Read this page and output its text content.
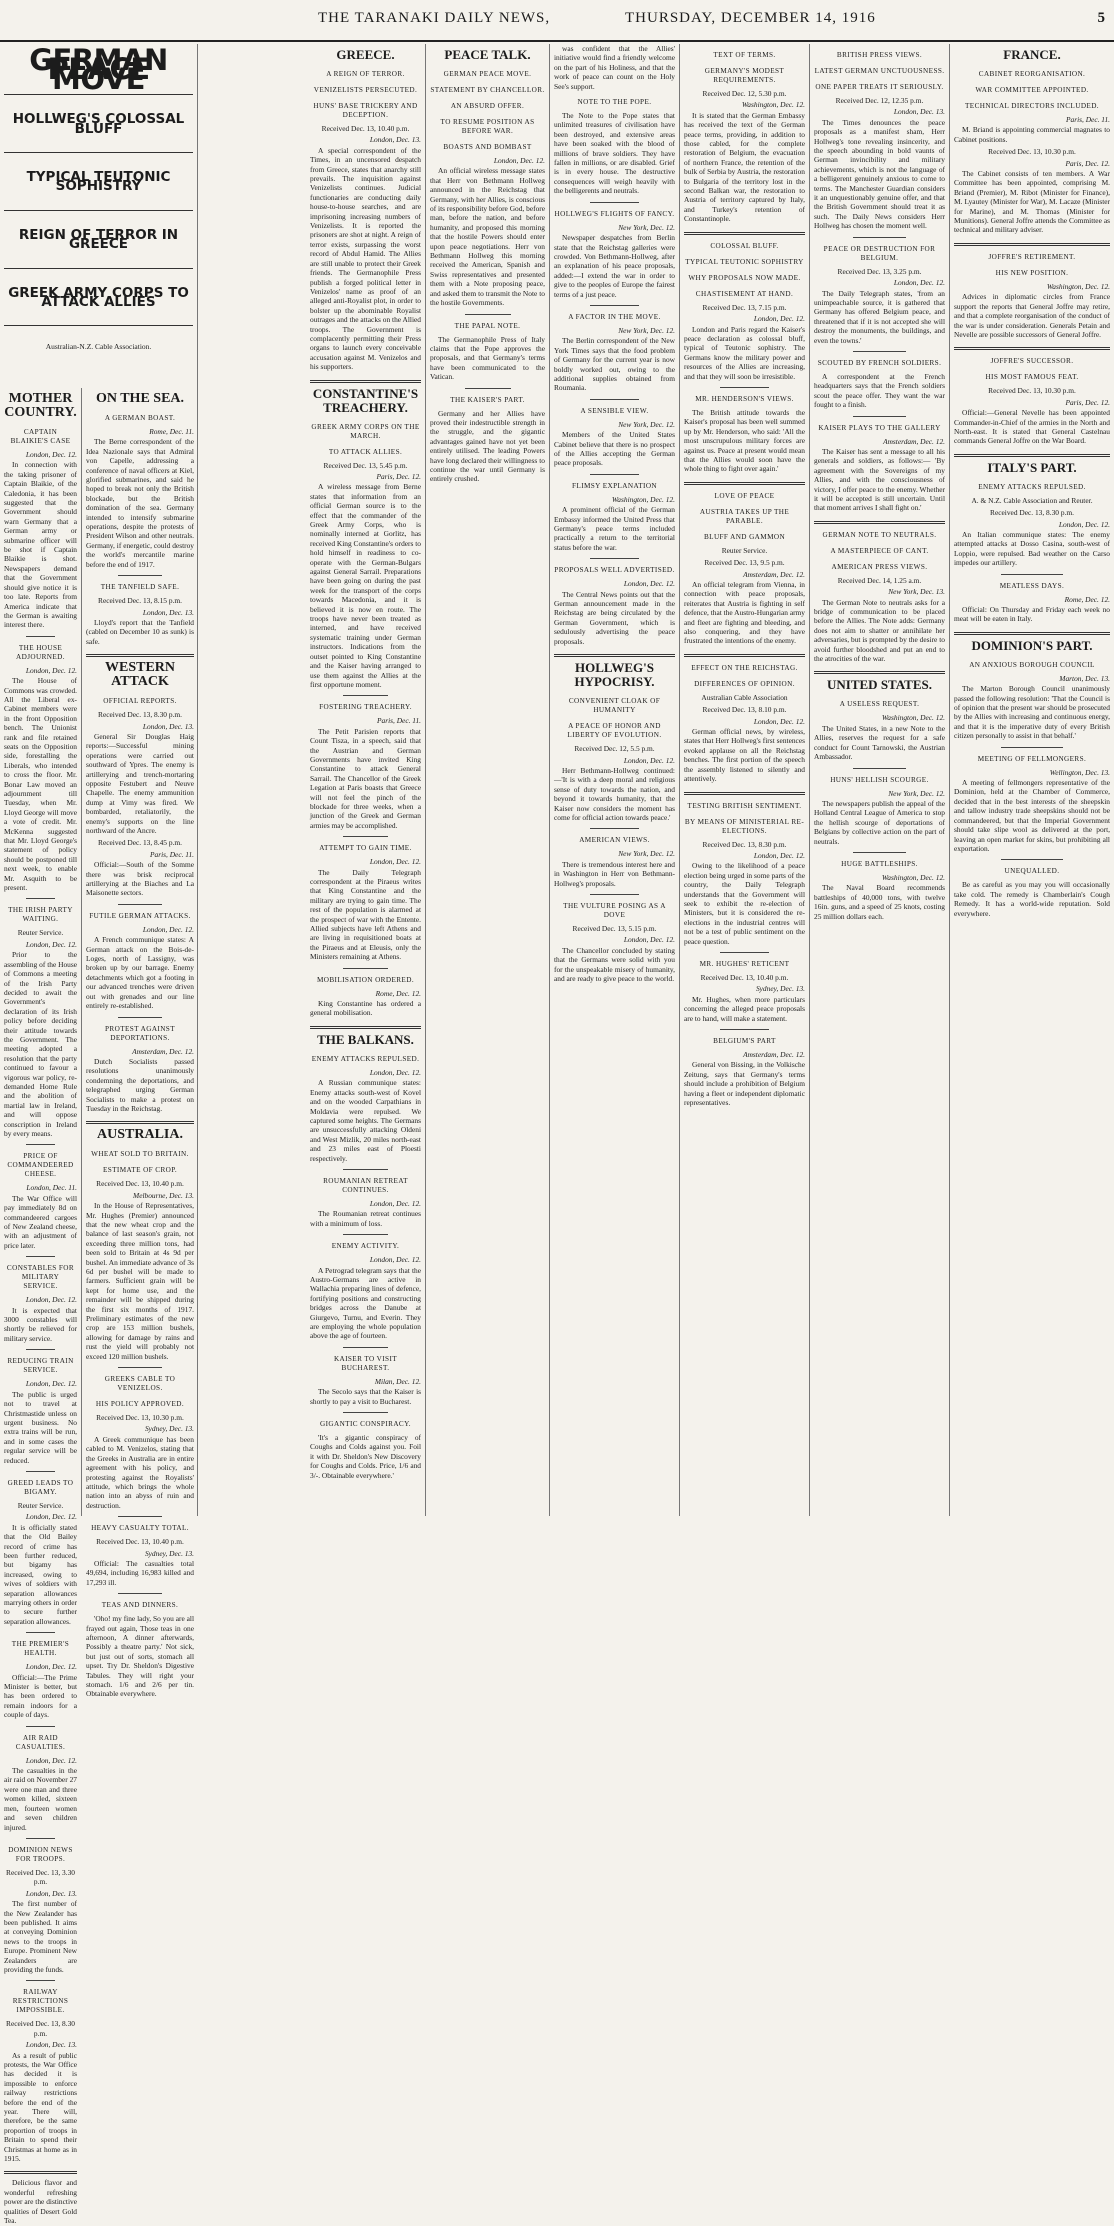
THE TARANAKI DAILY NEWS,	THURSDAY, DECEMBER 14, 1916	5
GERMAN PEACE MOVE

HOLLWEG'S COLOSSAL BLUFF

TYPICAL TEUTONIC SOPHISTRY

REIGN OF TERROR IN GREECE

GREEK ARMY CORPS TO ATTACK ALLIES

Australian-N.Z. Cable Association.
MOTHER COUNTRY.
CAPTAIN BLAIKIE'S CASE
London, Dec. 12.

In connection with the taking prisoner of Captain Blaikie, of the Caledonia, it has been suggested that the Government should warn Germany that a German army or submarine officer will be shot if Captain Blaikie is shot. Newspapers demand that the Government should give notice it is too late. Reports from America indicate that the German is awaiting interest there.

THE HOUSE ADJOURNED.
London, Dec. 12.

The House of Commons was crowded. All the Liberal ex-Cabinet members were in the front Opposition bench. The Unionist rank and file retained seats on the Opposition side, forestalling the Liberals, who intended to cross the floor. Mr. Bonar Law moved an adjournment till Tuesday, when Mr. Lloyd George will move a vote of credit. Mr. McKenna suggested that Mr. Lloyd George's statement of policy should be postponed till next week, to enable Mr. Asquith to be present.

THE IRISH PARTY WAITING.
Reuter Service.
London, Dec. 12.

Prior to the assembling of the House of Commons a meeting of the Irish Party decided to await the Government's declaration of its Irish policy before deciding their attitude towards the Government. The meeting adopted a resolution that the party continued to favour a vigorous war policy, re-demanded Home Rule and the abolition of martial law in Ireland, and will oppose conscription in Ireland by every means.

PRICE OF COMMANDEERED CHEESE.
London, Dec. 11.

The War Office will pay immediately 8d on commandeered cargoes of New Zealand cheese, with an adjustment of price later.

CONSTABLES FOR MILITARY SERVICE.
London, Dec. 12.

It is expected that 3000 constables will shortly be relieved for military service.

REDUCING TRAIN SERVICE.
London, Dec. 12.

The public is urged not to travel at Christmastide unless on urgent business. No extra trains will be run, and in some cases the regular service will be reduced.

GREED LEADS TO BIGAMY.
Reuter Service.
London, Dec. 12.

It is officially stated that the Old Bailey record of crime has been further reduced, but bigamy has increased, owing to wives of soldiers with separation allowances marrying others in order to secure further separation allowances.

THE PREMIER'S HEALTH.
London, Dec. 12.

Official:—The Prime Minister is better, but has been ordered to remain indoors for a couple of days.

AIR RAID CASUALTIES.
London, Dec. 12.

The casualties in the air raid on November 27 were one man and three women killed, sixteen men, fourteen women and seven children injured.

DOMINION NEWS FOR TROOPS.
Received Dec. 13, 3.30 p.m.
London, Dec. 13.

The first number of the New Zealander has been published. It aims at conveying Dominion news to the troops in Europe. Prominent New Zealanders are providing the funds.

RAILWAY RESTRICTIONS IMPOSSIBLE.
Received Dec. 13, 8.30 p.m.
London, Dec. 13.

As a result of public protests, the War Office has decided it is impossible to enforce railway restrictions before the end of the year. There will, therefore, be the same proportion of troops in Britain to spend their Christmas at home as in 1915.

Delicious flavor and wonderful refreshing power are the distinctive qualities of Desert Gold Tea.

ON THE SEA.
A GERMAN BOAST.
Rome, Dec. 11.

The Berne correspondent of the Idea Nazionale says that Admiral von Capelle, addressing a conference of naval officers at Kiel, glorified submarines, and said he hoped to break not only the British blockade, but the British domination of the sea. Germany intended to intensify submarine operations, despite the protests of President Wilson and other neutrals. Germany, if energetic, could destroy the world's mercantile marine before the end of 1917.

THE TANFIELD SAFE.
Received Dec. 13, 8.15 p.m.
London, Dec. 13.

Lloyd's report that the Tanfield (cabled on December 10 as sunk) is safe.

WESTERN ATTACK
OFFICIAL REPORTS.
Received Dec. 13, 8.30 p.m.
London, Dec. 13.

General Sir Douglas Haig reports:—Successful mining operations were carried out southward of Ypres. The enemy is artillerying and trench-mortaring opposite Festubert and Neuve Chapelle. The enemy ammunition dump at Vimy was fired. We bombarded, retaliatorily, the enemy's supports on the line northward of the Ancre.

Received Dec. 13, 8.45 p.m.
Paris, Dec. 11.

Official:—South of the Somme there was brisk reciprocal artillerying at the Biaches and La Maisonette sectors.

FUTILE GERMAN ATTACKS.
London, Dec. 12.

A French communique states: A German attack on the Bois-de-Loges, north of Lassigny, was broken up by our barrage. Enemy detachments which got a footing in our advanced trenches were driven out with grenades and our line entirely re-established.

PROTEST AGAINST DEPORTATIONS.
Amsterdam, Dec. 12.

Dutch Socialists passed resolutions unanimously condemning the deportations, and telegraphed urging German Socialists to make a protest on Tuesday in the Reichstag.

AUSTRALIA.
WHEAT SOLD TO BRITAIN.
ESTIMATE OF CROP.
Received Dec. 13, 10.40 p.m.
Melbourne, Dec. 13.

In the House of Representatives, Mr. Hughes (Premier) announced that the new wheat crop and the balance of last season's grain, not exceeding three million tons, had been sold to Britain at 4s 9d per bushel. An immediate advance of 3s 6d per bushel will be made to farmers. Sufficient grain will be kept for home use, and the remainder will be shipped during the first six months of 1917. Preliminary estimates of the new crop are 153 million bushels, allowing for damage by rains and rust the yield will probably not exceed 120 million bushels.

GREEKS CABLE TO VENIZELOS.
HIS POLICY APPROVED.
Received Dec. 13, 10.30 p.m.
Sydney, Dec. 13.

A Greek communique has been cabled to M. Venizelos, stating that the Greeks in Australia are in entire agreement with his policy, and protesting against the Royalists' attitude, which brings the whole nation into an abyss of ruin and destruction.

HEAVY CASUALTY TOTAL.
Received Dec. 13, 10.40 p.m.
Sydney, Dec. 13.

Official: The casualties total 49,694, including 16,983 killed and 17,293 ill.

TEAS AND DINNERS.

'Oho! my fine lady, So you are all frayed out again, Those teas in one afternoon, A dinner afterwards, Possibly a theatre party.' Not sick, but just out of sorts, stomach all upset. Try Dr. Sheldon's Digestive Tabules. They will right your stomach. 1/6 and 2/6 per tin. Obtainable everywhere.

GREECE.
A REIGN OF TERROR.
VENIZELISTS PERSECUTED.
HUNS' BASE TRICKERY AND DECEPTION.
Received Dec. 13, 10.40 p.m.
London, Dec. 13.

A special correspondent of the Times, in an uncensored despatch from Greece, states that anarchy still prevails. The inquisition against Venizelists continues. Judicial functionaries are conducting daily house-to-house searches, and are imprisoning increasing numbers of Venizelists. It is reported the prisoners are shot at night. A reign of terror exists, surpassing the worst record of Abdul Hamid. The Allies are still unable to protect their Greek friends. The Germanophile Press publish a forged political letter in Venizelos' name as proof of an alleged anti-Royalist plot, in order to bolster up the abominable Royalist outrages and the attacks on the Allied troops. The Government is complacently permitting their Press organs to launch every conceivable accusation against M. Venizelos and his supporters.

CONSTANTINE'S TREACHERY.
GREEK ARMY CORPS ON THE MARCH.
TO ATTACK ALLIES.
Received Dec. 13, 5.45 p.m.
Paris, Dec. 12.

A wireless message from Berne states that information from an official German source is to the effect that the commander of the Greek Army Corps, who is nominally interned at Gorlitz, has received King Constantine's orders to hold himself in readiness to co-operate with the German-Bulgars against General Sarrail. Preparations have been going on during the past week for the transport of the corps towards Macedonia, and it is believed it is now en route. The troops have never been treated as interned, and have received systematic training under German instructors. Indications from the outset pointed to King Constantine and the Kaiser having arranged to use them against the Allies at the first opportune moment.

FOSTERING TREACHERY.
Paris, Dec. 11.

The Petit Parisien reports that Count Tisza, in a speech, said that the Austrian and German Governments have invited King Constantine to attack General Sarrail. The Chancellor of the Greek Legation at Paris boasts that Greece will not feel the pinch of the blockade for three weeks, when a junction of the Greek and German armies may be accomplished.

ATTEMPT TO GAIN TIME.
London, Dec. 12.

The Daily Telegraph correspondent at the Piraeus writes that King Constantine and the military are trying to gain time. The rest of the population is alarmed at the prospect of war with the Entente. Allied subjects have left Athens and are living in requisitioned boats at the Piraeus and at Eleusis, only the Ministers remaining at Athens.

MOBILISATION ORDERED.
Rome, Dec. 12.

King Constantine has ordered a general mobilisation.

THE BALKANS.
ENEMY ATTACKS REPULSED.
London, Dec. 12.

A Russian communique states: Enemy attacks south-west of Kovel and on the wooded Carpathians in Moldavia were repulsed. We captured some heights. The Germans are unsuccessfully attacking Oldeni and West Mizlik, 20 miles north-east and 23 miles east of Ploesti respectively.

ROUMANIAN RETREAT CONTINUES.
London, Dec. 12.

The Roumanian retreat continues with a minimum of loss.

ENEMY ACTIVITY.
London, Dec. 12.

A Petrograd telegram says that the Austro-Germans are active in Wallachia preparing lines of defence, fortifying positions and constructing bridges across the Danube at Giurgevo, Turnu, and Everin. They are employing the whole population above the age of fourteen.

KAISER TO VISIT BUCHAREST.
Milan, Dec. 12.

The Secolo says that the Kaiser is shortly to pay a visit to Bucharest.

GIGANTIC CONSPIRACY.

'It's a gigantic conspiracy of Coughs and Colds against you. Foil it with Dr. Sheldon's New Discovery for Coughs and Colds. Price, 1/6 and 3/-. Obtainable everywhere.'

PEACE TALK.
GERMAN PEACE MOVE.
STATEMENT BY CHANCELLOR.
AN ABSURD OFFER.
TO RESUME POSITION AS BEFORE WAR.
BOASTS AND BOMBAST
London, Dec. 12.

An official wireless message states that Herr von Bethmann Hollweg announced in the Reichstag that Germany, with her Allies, is conscious of its responsibility before God, before man, before the nation, and before humanity, and proposed this morning that the hostile Powers should enter upon peace negotiations. Herr von Bethmann Hollweg this morning received the American, Spanish and Swiss representatives and presented them with a Note proposing peace, and asked them to transmit the Note to the hostile Governments.

THE PAPAL NOTE.

The Germanophile Press of Italy claims that the Pope approves the proposals, and that Germany's terms have been communicated to the Vatican.

THE KAISER'S PART.

Germany and her Allies have proved their indestructible strength in the struggle, and the gigantic advantages gained have not yet been entirely utilised. The leading Powers have long declared their willingness to continue the war until Germany is entirely crushed.

was confident that the Allies' initiative would find a friendly welcome on the part of his Holiness, and that the work of peace can count on the Holy See's support.

NOTE TO THE POPE.

The Note to the Pope states that unlimited treasures of civilisation have been destroyed, and extensive areas have been soaked with the blood of millions of brave soldiers. They have fallen in millions, or are disabled. Grief is in every house. The destructive consequences will weigh heavily with the belligerents and neutrals.

HOLLWEG'S FLIGHTS OF FANCY.
New York, Dec. 12.

Newspaper despatches from Berlin state that the Reichstag galleries were crowded. Von Bethmann-Hollweg, after an explanation of his peace proposals, added:—I extend the war in order to give to the peoples of Europe the fairest terms of a just peace.

A FACTOR IN THE MOVE.
New York, Dec. 12.

The Berlin correspondent of the New York Times says that the food problem of Germany for the current year is now boldly worked out, owing to the additional supplies obtained from Roumania.

A SENSIBLE VIEW.
New York, Dec. 12.

Members of the United States Cabinet believe that there is no prospect of the Allies accepting the German peace proposals.

FLIMSY EXPLANATION
Washington, Dec. 12.

A prominent official of the German Embassy informed the United Press that Germany's peace terms included practically a return to the territorial status before the war.

PROPOSALS WELL ADVERTISED.
London, Dec. 12.

The Central News points out that the German announcement made in the Reichstag are being circulated by the German Government, which is sedulously advertising the peace proposals.

HOLLWEG'S HYPOCRISY.
CONVENIENT CLOAK OF HUMANITY
A PEACE OF HONOR AND LIBERTY OF EVOLUTION.
Received Dec. 12, 5.5 p.m.
London, Dec. 12.

Herr Bethmann-Hollweg continued:—'It is with a deep moral and religious sense of duty towards the nation, and beyond it towards humanity, that the Kaiser now considers the moment has come for official action towards peace.'

AMERICAN VIEWS.
New York, Dec. 12.

There is tremendous interest here and in Washington in Herr von Bethmann-Hollweg's proposals.

THE VULTURE POSING AS A DOVE
Received Dec. 13, 5.15 p.m.
London, Dec. 12.

The Chancellor concluded by stating that the Germans were solid with you for the unspeakable misery of humanity, and are ready to give peace to the world.

TEXT OF TERMS.
GERMANY'S MODEST REQUIREMENTS.
Received Dec. 12, 5.30 p.m.
Washington, Dec. 12.

It is stated that the German Embassy has received the text of the German peace terms, providing, in addition to those cabled, for the complete restoration of Belgium, the evacuation of northern France, the retention of the bulk of Serbia by Austria, the restoration to Bulgaria of the territory lost in the second Balkan war, the restoration to Austria of territory captured by Italy, and Turkey's retention of Constantinople.

COLOSSAL BLUFF.
TYPICAL TEUTONIC SOPHISTRY
WHY PROPOSALS NOW MADE.
CHASTISEMENT AT HAND.
Received Dec. 13, 7.15 p.m.
London, Dec. 12.

London and Paris regard the Kaiser's peace declaration as colossal bluff, typical of Teutonic sophistry. The Germans know the military power and resources of the Allies are increasing, and that they will soon be irresistible.

MR. HENDERSON'S VIEWS.

The British attitude towards the Kaiser's proposal has been well summed up by Mr. Henderson, who said: 'All the most unscrupulous military forces are against us. Peace at present would mean that the Allies would soon have the whole thing to fight over again.'

LOVE OF PEACE
AUSTRIA TAKES UP THE PARABLE.
BLUFF AND GAMMON
Reuter Service.
Received Dec. 13, 9.5 p.m.
Amsterdam, Dec. 12.

An official telegram from Vienna, in connection with peace proposals, reiterates that Austria is fighting in self defence, that the Austro-Hungarian army and fleet are fighting and bleeding, and also conquering, and they have frustrated the intentions of the enemy.

EFFECT ON THE REICHSTAG.
DIFFERENCES OF OPINION.
Australian Cable Association
Received Dec. 13, 8.10 p.m.
London, Dec. 12.

German official news, by wireless, states that Herr Hollweg's first sentences evoked applause on all the Reichstag benches. The first portion of the speech the assembly listened to silently and attentively.

TESTING BRITISH SENTIMENT.
BY MEANS OF MINISTERIAL RE-ELECTIONS.
Received Dec. 13, 8.30 p.m.
London, Dec. 12.

Owing to the likelihood of a peace election being urged in some parts of the country, the Daily Telegraph understands that the Government will seek to exhibit the re-election of Ministers, but it is considered the re-elections in the industrial centres will not be a test of public sentiment on the peace question.

MR. HUGHES' RETICENT
Received Dec. 13, 10.40 p.m.
Sydney, Dec. 13.

Mr. Hughes, when more particulars concerning the alleged peace proposals are to hand, will make a statement.

BELGIUM'S PART
Amsterdam, Dec. 12.

General von Bissing, in the Volkische Zeitung, says that Germany's terms should include a prohibition of Belgium having a fleet or independent diplomatic representatives.

BRITISH PRESS VIEWS.
LATEST GERMAN UNCTUOUSNESS.
ONE PAPER TREATS IT SERIOUSLY.
Received Dec. 12, 12.35 p.m.
London, Dec. 13.

The Times denounces the peace proposals as a manifest sham, Herr Hollweg's tone revealing insincerity, and the speech abounding in bold vaunts of German invincibility and military achievements, which is not the language of a belligerent genuinely anxious to come to terms. The Manchester Guardian considers it an unquestionably genuine offer, and that the British Government should treat it as such. The Daily News considers Herr Hollweg has chosen the moment well.

PEACE OR DESTRUCTION FOR BELGIUM.
Received Dec. 13, 3.25 p.m.
London, Dec. 12.

The Daily Telegraph states, 'from an unimpeachable source, it is gathered that Germany has offered Belgium peace, and threatened that if it is not accepted she will destroy the monuments, the buildings, and even the towns.'

SCOUTED BY FRENCH SOLDIERS.

A correspondent at the French headquarters says that the French soldiers scout the peace offer. They want the war fought to a finish.

KAISER PLAYS TO THE GALLERY
Amsterdam, Dec. 12.

The Kaiser has sent a message to all his generals and soldiers, as follows:— 'By agreement with the Sovereigns of my Allies, and with the consciousness of victory, I offer peace to the enemy. Whether it will be accepted is still uncertain. Until that moment arrives I shall fight on.'

GERMAN NOTE TO NEUTRALS.
A MASTERPIECE OF CANT.
AMERICAN PRESS VIEWS.
Received Dec. 14, 1.25 a.m.
New York, Dec. 13.

The German Note to neutrals asks for a bridge of communication to be placed before the Allies. The Note adds: Germany does not aim to shatter or annihilate her adversaries, but is prompted by the desire to avoid further bloodshed and put an end to the atrocities of the war.

UNITED STATES.
A USELESS REQUEST.
Washington, Dec. 12.

The United States, in a new Note to the Allies, reserves the request for a safe conduct for Count Tarnowski, the Austrian Ambassador.

HUNS' HELLISH SCOURGE.
New York, Dec. 12.

The newspapers publish the appeal of the Holland Central League of America to stop the hellish scourge of deportations of Belgians by collective action on the part of neutrals.

HUGE BATTLESHIPS.
Washington, Dec. 12.

The Naval Board recommends battleships of 40,000 tons, with twelve 16in. guns, and a speed of 25 knots, costing 25 million dollars each.

FRANCE.
CABINET REORGANISATION.
WAR COMMITTEE APPOINTED.
TECHNICAL DIRECTORS INCLUDED.
Paris, Dec. 11.

M. Briand is appointing commercial magnates to Cabinet positions.

Received Dec. 13, 10.30 p.m.
Paris, Dec. 12.

The Cabinet consists of ten members. A War Committee has been appointed, comprising M. Briand (Premier), M. Ribot (Minister for Finance), M. Lyautey (Minister for War), M. Lacaze (Minister for Marine), and M. Thomas (Minister for Munitions). General Joffre attends the Committee as technical and military adviser.

JOFFRE'S RETIREMENT.
HIS NEW POSITION.
Washington, Dec. 12.

Advices in diplomatic circles from France support the reports that General Joffre may retire, and that a complete reorganisation of the conduct of the war is under consideration. Generals Petain and Nevelle are possible successors of General Joffre.

JOFFRE'S SUCCESSOR.
HIS MOST FAMOUS FEAT.
Received Dec. 13, 10.30 p.m.
Paris, Dec. 12.

Official:—General Nevelle has been appointed Commander-in-Chief of the armies in the North and North-east. It is stated that General Castelnau commands General Joffre on the War Board.

ITALY'S PART.
ENEMY ATTACKS REPULSED.
A. & N.Z. Cable Association and Reuter.
Received Dec. 13, 8.30 p.m.
London, Dec. 12.

An Italian communique states: The enemy attempted attacks at Dosso Casina, south-west of Loppio, were repulsed. Bad weather on the Carso impedes our artillery.

MEATLESS DAYS.
Rome, Dec. 12.

Official: On Thursday and Friday each week no meat will be eaten in Italy.

DOMINION'S PART.
AN ANXIOUS BOROUGH COUNCIL
Marton, Dec. 13.

The Marton Borough Council unanimously passed the following resolution: 'That the Council is of opinion that the present war should be prosecuted by the Allies with increasing and continuous energy, and that it is the imperative duty of every British citizen personally to assist in that behalf.'

MEETING OF FELLMONGERS.
Wellington, Dec. 13.

A meeting of fellmongers representative of the Dominion, held at the Chamber of Commerce, decided that in the best interests of the sheepskin and tallow industry trade sheepskins should not be commandeered, but that the Imperial Government should take slipe wool as delivered at the port, leaving an open market for skins, but prohibiting all exportation.

UNEQUALLED.

Be as careful as you may you will occasionally take cold. The remedy is Chamberlain's Cough Remedy. It has a world-wide reputation. Sold everywhere.
